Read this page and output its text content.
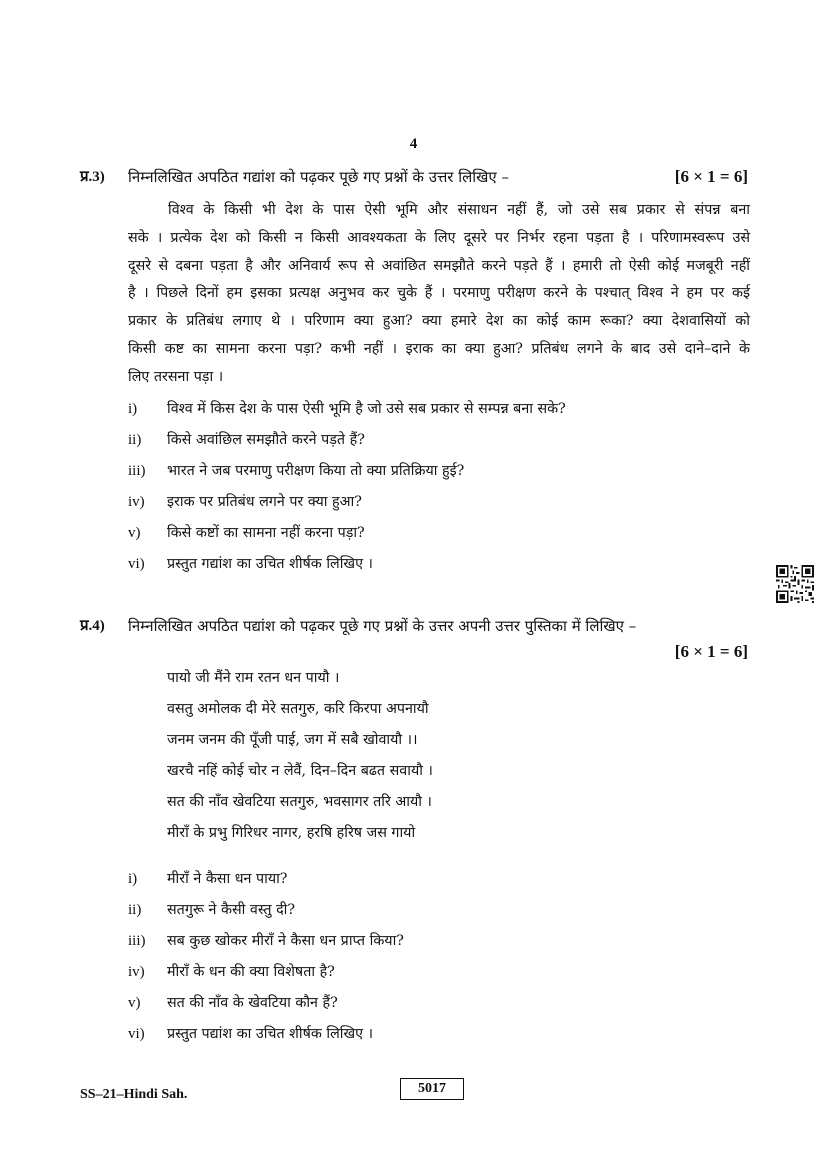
4
प्र.3) निम्नलिखित अपठित गद्यांश को पढ़कर पूछे गए प्रश्नों के उत्तर लिखिए –	[6 × 1 = 6]
विश्व के किसी भी देश के पास ऐसी भूमि और संसाधन नहीं हैं, जो उसे सब प्रकार से संपन्न बना
सके । प्रत्येक देश को किसी न किसी आवश्यकता के लिए दूसरे पर निर्भर रहना पड़ता है । परिणामस्वरूप उसे
दूसरे से दबना पड़ता है और अनिवार्य रूप से अवांछित समझौते करने पड़ते हैं । हमारी तो ऐसी कोई मजबूरी नहीं
है । पिछले दिनों हम इसका प्रत्यक्ष अनुभव कर चुके हैं । परमाणु परीक्षण करने के पश्चात् विश्व ने हम पर कई
प्रकार के प्रतिबंध लगाए थे । परिणाम क्या हुआ? क्या हमारे देश का कोई काम रूका? क्या देशवासियों को
किसी कष्ट का सामना करना पड़ा? कभी नहीं । इराक का क्या हुआ? प्रतिबंध लगने के बाद उसे दाने–दाने के
लिए तरसना पड़ा ।
i) विश्व में किस देश के पास ऐसी भूमि है जो उसे सब प्रकार से सम्पन्न बना सके?
ii) किसे अवांछिल समझौते करने पड़ते हैं?
iii) भारत ने जब परमाणु परीक्षण किया तो क्या प्रतिक्रिया हुई?
iv) इराक पर प्रतिबंध लगने पर क्या हुआ?
v) किसे कष्टों का सामना नहीं करना पड़ा?
vi) प्रस्तुत गद्यांश का उचित शीर्षक लिखिए ।
प्र.4) निम्नलिखित अपठित पद्यांश को पढ़कर पूछे गए प्रश्नों के उत्तर अपनी उत्तर पुस्तिका में लिखिए –
[6 × 1 = 6]
पायो जी मैंने राम रतन धन पायौ ।
वसतु अमोलक दी मेरे सतगुरु, करि किरपा अपनायौ
जनम जनम की पूँजी पाई, जग में सबै खोवायौ ।।
खरचै नहिं कोई चोर न लेवैं, दिन–दिन बढत सवायौ ।
सत की नाँव खेवटिया सतगुरु, भवसागर तरि आयौ ।
मीराँ के प्रभु गिरिधर नागर, हरषि हरिष जस गायो
i) मीराँ ने कैसा धन पाया?
ii) सतगुरू ने कैसी वस्तु दी?
iii) सब कुछ खोकर मीराँ ने कैसा धन प्राप्त किया?
iv) मीराँ के धन की क्या विशेषता है?
v) सत की नाँव के खेवटिया कौन हैं?
vi) प्रस्तुत पद्यांश का उचित शीर्षक लिखिए ।
SS–21–Hindi Sah.	5017
